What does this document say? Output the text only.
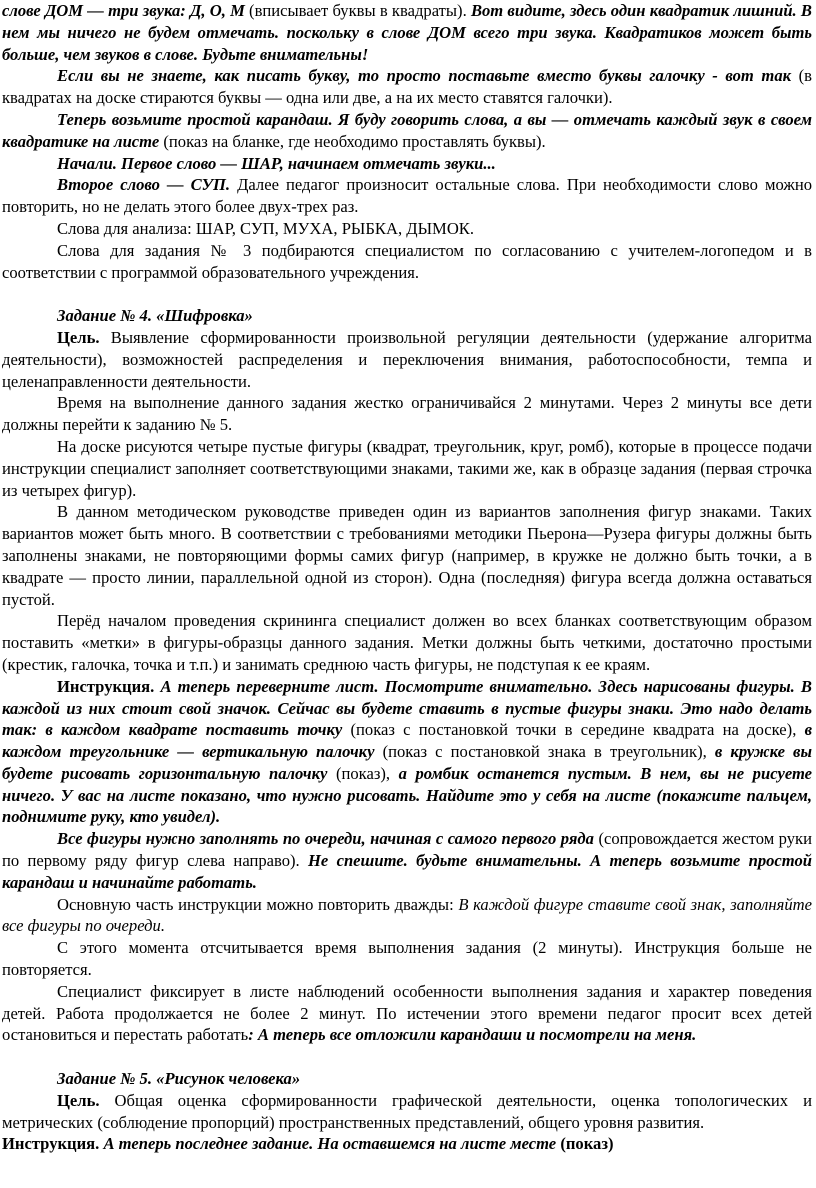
слове ДОМ — три звука: Д, О, М (вписывает буквы в квадраты). Вот видите, здесь один квадратик лишний. В нем мы ничего не будем отмечать. поскольку в слове ДОМ всего три звука. Квадратиков может быть больше, чем звуков в слове. Будьте внимательны!

Если вы не знаете, как писать букву, то просто поставьте вместо буквы галочку - вот так (в квадратах на доске стираются буквы — одна или две, а на их место ставятся галочки).

Теперь возьмите простой карандаш. Я буду говорить слова, а вы — отмечать каждый звук в своем квадратике на листе (показ на бланке, где необходимо проставлять буквы).

Начали. Первое слово — ШАР, начинаем отмечать звуки...

Второе слово — СУП. Далее педагог произносит остальные слова. При необходимости слово можно повторить, но не делать этого более двух-трех раз.

Слова для анализа: ШАР, СУП, МУХА, РЫБКА, ДЫМОК.

Слова для задания № 3 подбираются специалистом по согласованию с учителем-логопедом и в соответствии с программой образовательного учреждения.

Задание № 4. «Шифровка»

Цель. Выявление сформированности произвольной регуляции деятельности (удержание алгоритма деятельности), возможностей распределения и переключения внимания, работоспособности, темпа и целенаправленности деятельности.

Время на выполнение данного задания жестко ограничивайся 2 минутами. Через 2 минуты все дети должны перейти к заданию № 5.

На доске рисуются четыре пустые фигуры (квадрат, треугольник, круг, ромб), которые в процессе подачи инструкции специалист заполняет соответствующими знаками, такими же, как в образце задания (первая строчка из четырех фигур).

В данном методическом руководстве приведен один из вариантов заполнения фигур знаками. Таких вариантов может быть много. В соответствии с требованиями методики Пьерона—Рузера фигуры должны быть заполнены знаками, не повторяющими формы самих фигур (например, в кружке не должно быть точки, а в квадрате — просто линии, параллельной одной из сторон). Одна (последняя) фигура всегда должна оставаться пустой.

Перёд началом проведения скрининга специалист должен во всех бланках соответствующим образом поставить «метки» в фигуры-образцы данного задания. Метки должны быть четкими, достаточно простыми (крестик, галочка, точка и т.п.) и занимать среднюю часть фигуры, не подступая к ее краям.

Инструкция. А теперь переверните лист. Посмотрите внимательно. Здесь нарисованы фигуры. В каждой из них стоит свой значок. Сейчас вы будете ставить в пустые фигуры знаки. Это надо делать так: в каждом квадрате поставить точку (показ с постановкой точки в середине квадрата на доске), в каждом треугольнике — вертикальную палочку (показ с постановкой знака в треугольник), в кружке вы будете рисовать горизонтальную палочку (показ), а ромбик останется пустым. В нем, вы не рисуете ничего. У вас на листе показано, что нужно рисовать. Найдите это у себя на листе (покажите пальцем, поднимите руку, кто увидел).

Все фигуры нужно заполнять по очереди, начиная с самого первого ряда (сопровождается жестом руки по первому ряду фигур слева направо). Не спешите. будьте внимательны. А теперь возьмите простой карандаш и начинайте работать.

Основную часть инструкции можно повторить дважды: В каждой фигуре ставите свой знак, заполняйте все фигуры по очереди.

С этого момента отсчитывается время выполнения задания (2 минуты). Инструкция больше не повторяется.

Специалист фиксирует в листе наблюдений особенности выполнения задания и характер поведения детей. Работа продолжается не более 2 минут. По истечении этого времени педагог просит всех детей остановиться и перестать работать: А теперь все отложили карандаши и посмотрели на меня.

Задание № 5. «Рисунок человека»

Цель. Общая оценка сформированности графической деятельности, оценка топологических и метрических (соблюдение пропорций) пространственных представлений, общего уровня развития.

Инструкция. А теперь последнее задание. На оставшемся на листе месте (показ)
